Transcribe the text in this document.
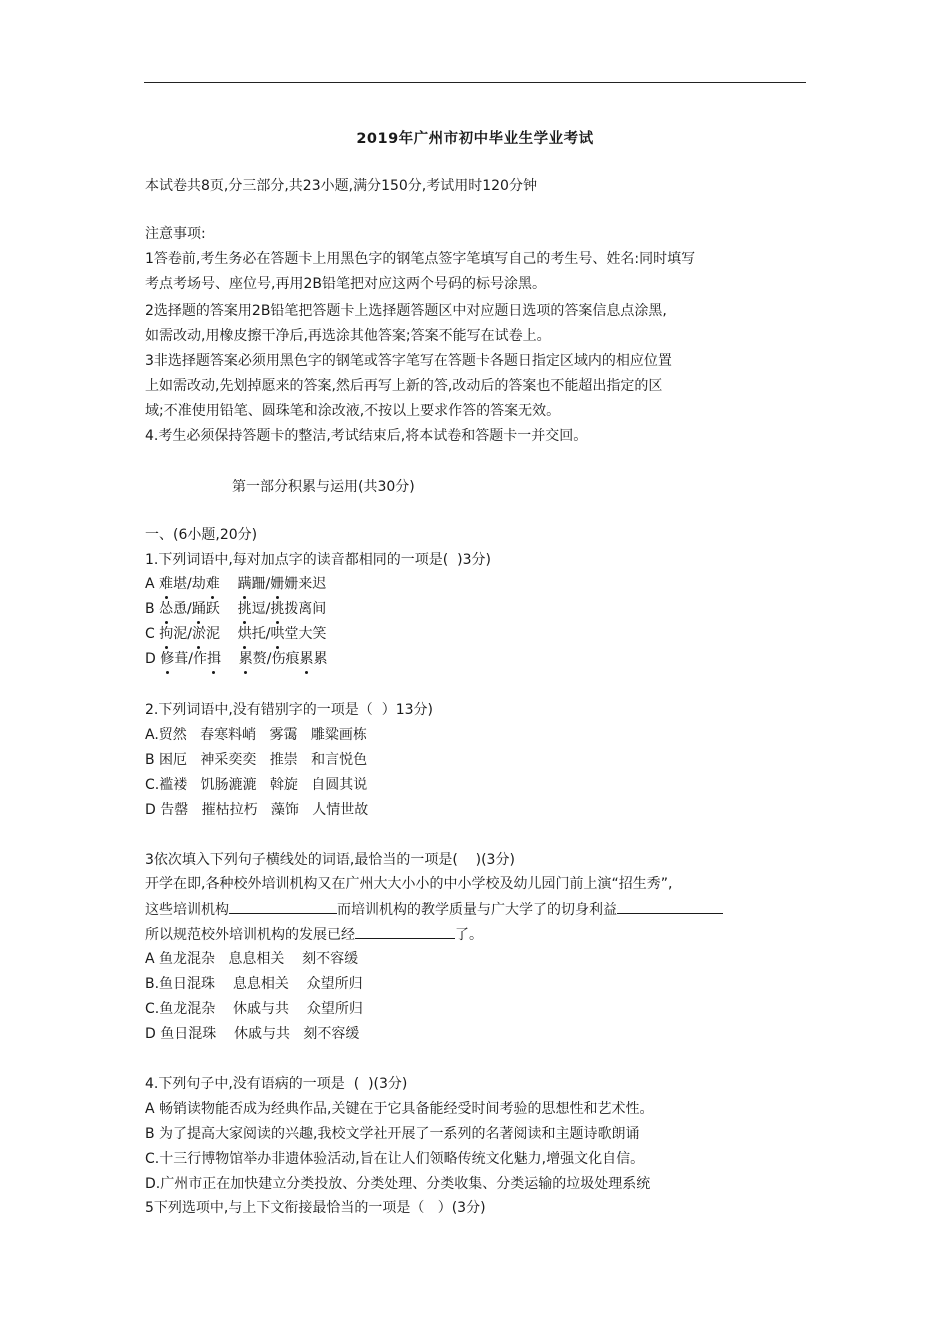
2019年广州市初中毕业生学业考试
本试卷共8页,分三部分,共23小题,满分150分,考试用时120分钟
注意事项:
1答卷前,考生务必在答题卡上用黑色字的钢笔点签字笔填写自己的考生号、姓名:同时填写
考点考场号、座位号,再用2B铅笔把对应这两个号码的标号涂黑。
2选择题的答案用2B铅笔把答题卡上选择题答题区中对应题日选项的答案信息点涂黑,
如需改动,用橡皮擦干净后,再选涂其他答案;答案不能写在试卷上。
3非选择题答案必须用黑色字的钢笔或答字笔写在答题卡各题日指定区域内的相应位置
上如需改动,先划掉愿来的答案,然后再写上新的答,改动后的答案也不能超出指定的区
域;不准使用铅笔、圆珠笔和涂改液,不按以上要求作答的答案无效。
4.考生必须保持答题卡的整洁,考试结束后,将本试卷和答题卡一并交回。
第一部分积累与运用(共30分)
一、(6小题,20分)
1.下列词语中,每对加点字的读音都相同的一项是(  )3分)
A 难堪/劫难 蹒跚/姗姗来迟
B 怂恿/踊跃    挑逗/挑拨离间
C 拘泥/淤泥    烘托/哄堂大笑
D 修葺/作揖 累赘/伤痕累累
2.下列词语中,没有错别字的一项是（  ）13分)
A.贸然   春寒料峭   雾霭   雕粱画栋
B 困厄   神采奕奕   推崇   和言悦色
C.褴褛   饥肠漉漉   斡旋   自圆其说
D 告罄   摧枯拉朽   藻饰   人情世故
3依次填入下列句子横线处的词语,最恰当的一项是(    )(3分)
开学在即,各种校外培训机构又在广州大大小小的中小学校及幼儿园门前上演“招生秀”,
这些培训机构	而培训机构的教学质量与广大学了的切身利益
所以规范校外培训机构的发展已经	了。
A 鱼龙混杂   息息相关    刻不容缓
B.鱼日混珠    息息相关    众望所归
C.鱼龙混杂    休戚与共    众望所归
D 鱼日混珠    休戚与共   刻不容缓
4.下列句子中,没有语病的一项是  (  )(3分)
A 畅销读物能否成为经典作品,关键在于它具备能经受时间考验的思想性和艺术性。
B 为了提高大家阅读的兴趣,我校文学社开展了一系列的名著阅读和主题诗歌朗诵
C.十三行博物馆举办非遗体验活动,旨在让人们领略传统文化魅力,增强文化自信。
D.广州市正在加快建立分类投放、分类处理、分类收集、分类运输的垃圾处理系统
5下列选项中,与上下文衔接最恰当的一项是（   ）(3分)
